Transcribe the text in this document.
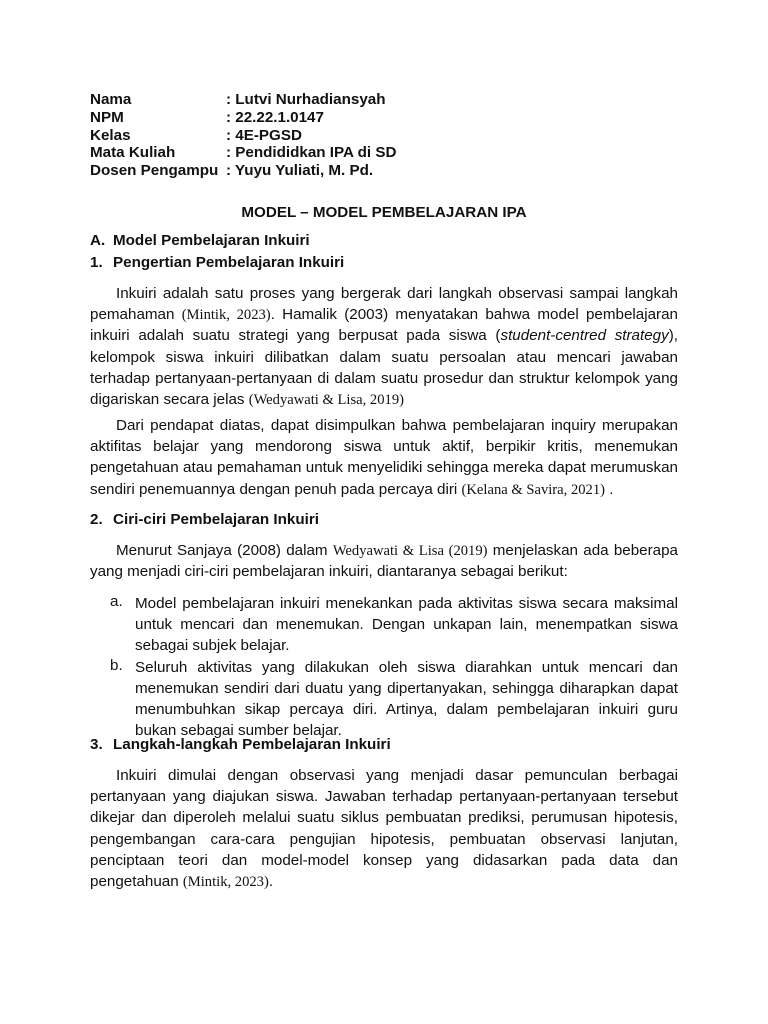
Nama	: Lutvi Nurhadiansyah
NPM	: 22.22.1.0147
Kelas	: 4E-PGSD
Mata Kuliah	: Pendididkan IPA di SD
Dosen Pengampu : Yuyu Yuliati, M. Pd.
MODEL – MODEL PEMBELAJARAN IPA
A. Model Pembelajaran Inkuiri
1. Pengertian Pembelajaran Inkuiri
Inkuiri adalah satu proses yang bergerak dari langkah observasi sampai langkah
pemahaman (Mintik, 2023). Hamalik (2003) menyatakan bahwa model pembelajaran
inkuiri adalah suatu strategi yang berpusat pada siswa (student-centred strategy),
kelompok siswa inkuiri dilibatkan dalam suatu persoalan atau mencari jawaban
terhadap pertanyaan-pertanyaan di dalam suatu prosedur dan struktur kelompok yang
digariskan secara jelas (Wedyawati & Lisa, 2019)
Dari pendapat diatas, dapat disimpulkan bahwa pembelajaran inquiry merupakan
aktifitas belajar yang mendorong siswa untuk aktif, berpikir kritis, menemukan
pengetahuan atau pemahaman untuk menyelidiki sehingga mereka dapat merumuskan
sendiri penemuannya dengan penuh pada percaya diri (Kelana & Savira, 2021) .
2. Ciri-ciri Pembelajaran Inkuiri
Menurut Sanjaya (2008) dalam Wedyawati & Lisa (2019) menjelaskan ada beberapa
yang menjadi ciri-ciri pembelajaran inkuiri, diantaranya sebagai berikut:
a. Model pembelajaran inkuiri menekankan pada aktivitas siswa secara maksimal
untuk mencari dan menemukan. Dengan unkapan lain, menempatkan siswa
sebagai subjek belajar.
b. Seluruh aktivitas yang dilakukan oleh siswa diarahkan untuk mencari dan
menemukan sendiri dari duatu yang dipertanyakan, sehingga diharapkan dapat
menumbuhkan sikap percaya diri. Artinya, dalam pembelajaran inkuiri guru
bukan sebagai sumber belajar.
3. Langkah-langkah Pembelajaran Inkuiri
Inkuiri dimulai dengan observasi yang menjadi dasar pemunculan berbagai
pertanyaan yang diajukan siswa. Jawaban terhadap pertanyaan-pertanyaan tersebut
dikejar dan diperoleh melalui suatu siklus pembuatan prediksi, perumusan hipotesis,
pengembangan cara-cara pengujian hipotesis, pembuatan observasi lanjutan,
penciptaan teori dan model-model konsep yang didasarkan pada data dan
pengetahuan (Mintik, 2023).
